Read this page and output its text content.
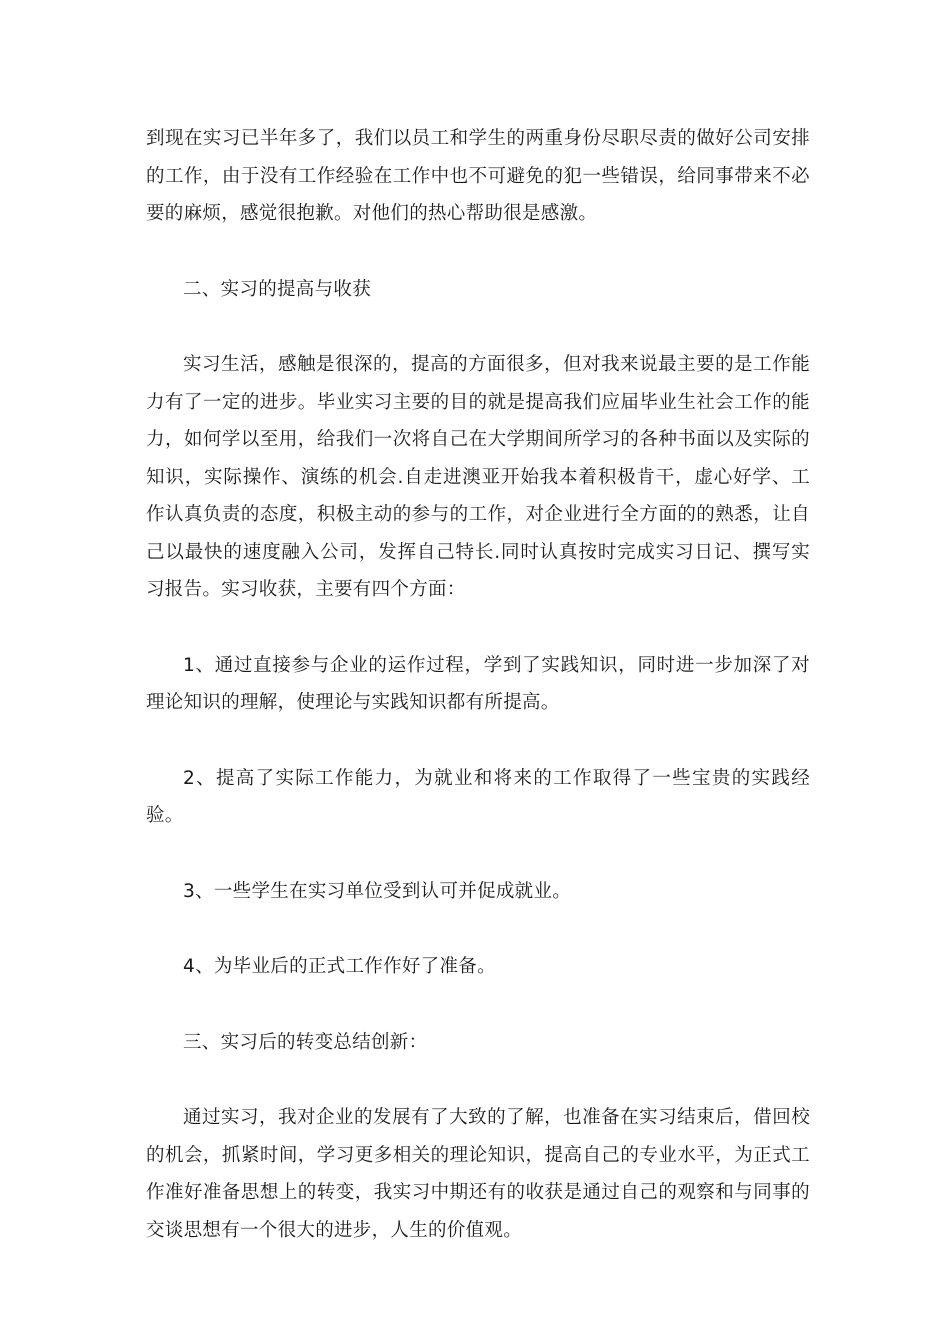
到现在实习已半年多了，我们以员工和学生的两重身份尽职尽责的做好公司安排的工作，由于没有工作经验在工作中也不可避免的犯一些错误，给同事带来不必要的麻烦，感觉很抱歉。对他们的热心帮助很是感激。

二、实习的提高与收获

实习生活，感触是很深的，提高的方面很多，但对我来说最主要的是工作能力有了一定的进步。毕业实习主要的目的就是提高我们应届毕业生社会工作的能力，如何学以至用，给我们一次将自己在大学期间所学习的各种书面以及实际的知识，实际操作、演练的机会.自走进澳亚开始我本着积极肯干，虚心好学、工作认真负责的态度，积极主动的参与的工作，对企业进行全方面的的熟悉，让自己以最快的速度融入公司，发挥自己特长.同时认真按时完成实习日记、撰写实习报告。实习收获，主要有四个方面：

1、通过直接参与企业的运作过程，学到了实践知识，同时进一步加深了对理论知识的理解，使理论与实践知识都有所提高。

2、提高了实际工作能力，为就业和将来的工作取得了一些宝贵的实践经验。

3、一些学生在实习单位受到认可并促成就业。

4、为毕业后的正式工作作好了准备。

三、实习后的转变总结创新：

通过实习，我对企业的发展有了大致的了解，也准备在实习结束后，借回校的机会，抓紧时间，学习更多相关的理论知识，提高自己的专业水平，为正式工作准好准备思想上的转变，我实习中期还有的收获是通过自己的观察和与同事的交谈思想有一个很大的进步，人生的价值观。
